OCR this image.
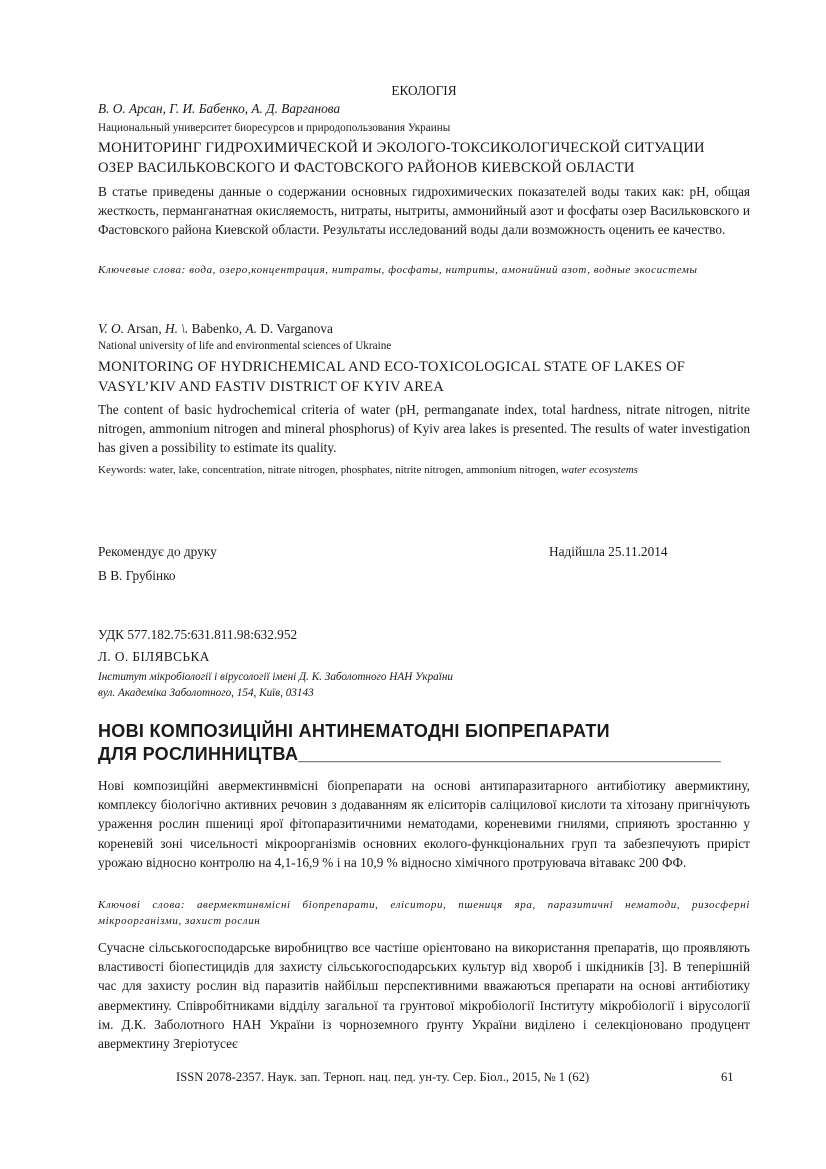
ЕКОЛОГІЯ
В. О. Арсан, Г. И. Бабенко, А. Д. Варганова
Национальный университет биоресурсов и природопользования Украины
МОНИТОРИНГ ГИДРОХИМИЧЕСКОЙ И ЭКОЛОГО-ТОКСИКОЛОГИЧЕСКОЙ СИТУАЦИИ
ОЗЕР ВАСИЛЬКОВСКОГО И ФАСТОВСКОГО РАЙОНОВ КИЕВСКОЙ ОБЛАСТИ
В статье приведены данные о содержании основных гидрохимических показателей воды таких как: pH, общая жесткость, перманганатная окисляемость, нитраты, нытриты, аммонийный азот и фосфаты озер Васильковского и Фастовского района Киевской области. Результаты исследований воды дали возможность оценить ее качество.
Ключевые слова: вода, озеро,концентрация, нитраты, фосфаты, нитриты, амонийний азот, водные экосистемы
V. O. Arsan, H. \. Babenko, A. D. Varganova
National university of life and environmental sciences of Ukraine
MONITORING OF HYDRICHEMICAL AND ECO-TOXICOLOGICAL STATE OF LAKES OF
VASYL’KIV AND FASTIV DISTRICT OF KYIV AREA
The content of basic hydrochemical criteria of water (pH, permanganate index, total hardness, nitrate nitrogen, nitrite nitrogen, ammonium nitrogen and mineral phosphorus) of Kyiv area lakes is presented. The results of water investigation has given a possibility to estimate its quality.
Keywords: water, lake, concentration, nitrate nitrogen, phosphates, nitrite nitrogen, ammonium nitrogen, water ecosystems
Рекомендує до друку	Надійшла 25.11.2014
В В. Грубінко
УДК 577.182.75:631.811.98:632.952
Л. О. БІЛЯВСЬКА
Інститут мікробіології і вірусології імені Д. К. Заболотного НАН України
вул. Академіка Заболотного, 154, Київ, 03143
НОВІ КОМПОЗИЦІЙНІ АНТИНЕМАТОДНІ БІОПРЕПАРАТИ
ДЛЯ РОСЛИННИЦТВА_________________________________________
Нові композиційні авермектинвмісні біопрепарати на основі антипаразитарного антибіотику авермиктину, комплексу біологічно активних речовин з додаванням як еліситорів саліцилової кислоти та хітозану пригнічують ураження рослин пшениці ярої фітопаразитичними нематодами, кореневими гнилями, сприяють зростанню у кореневій зоні чисельності мікроорганізмів основних еколого-функціональних груп та забезпечують приріст урожаю відносно контролю на 4,1-16,9 % і на 10,9 % відносно хімічного протруювача вітавакс 200 ФФ.
Ключові слова: авермектинвмісні біопрепарати, еліситори, пшениця яра, паразитичні нематоди, ризосферні мікроорганізми, захист рослин
Сучасне сільськогосподарське виробництво все частіше орієнтовано на використання препаратів, що проявляють властивості біопестицидів для захисту сільськогосподарських культур від хвороб і шкідників [3]. В теперішній час для захисту рослин від паразитів найбільш перспективними вважаються препарати на основі антибіотику авермектину. Співробітниками відділу загальної та грунтової мікробіології Інституту мікробіології і вірусології ім. Д.К. Заболотного НАН України із чорноземного ґрунту України виділено і селекціоновано продуцент авермектину Згеріотусеє
ISSN 2078-2357. Наук. зап. Терноп. нац. пед. ун-ту. Сер. Біол., 2015, № 1 (62)	61
